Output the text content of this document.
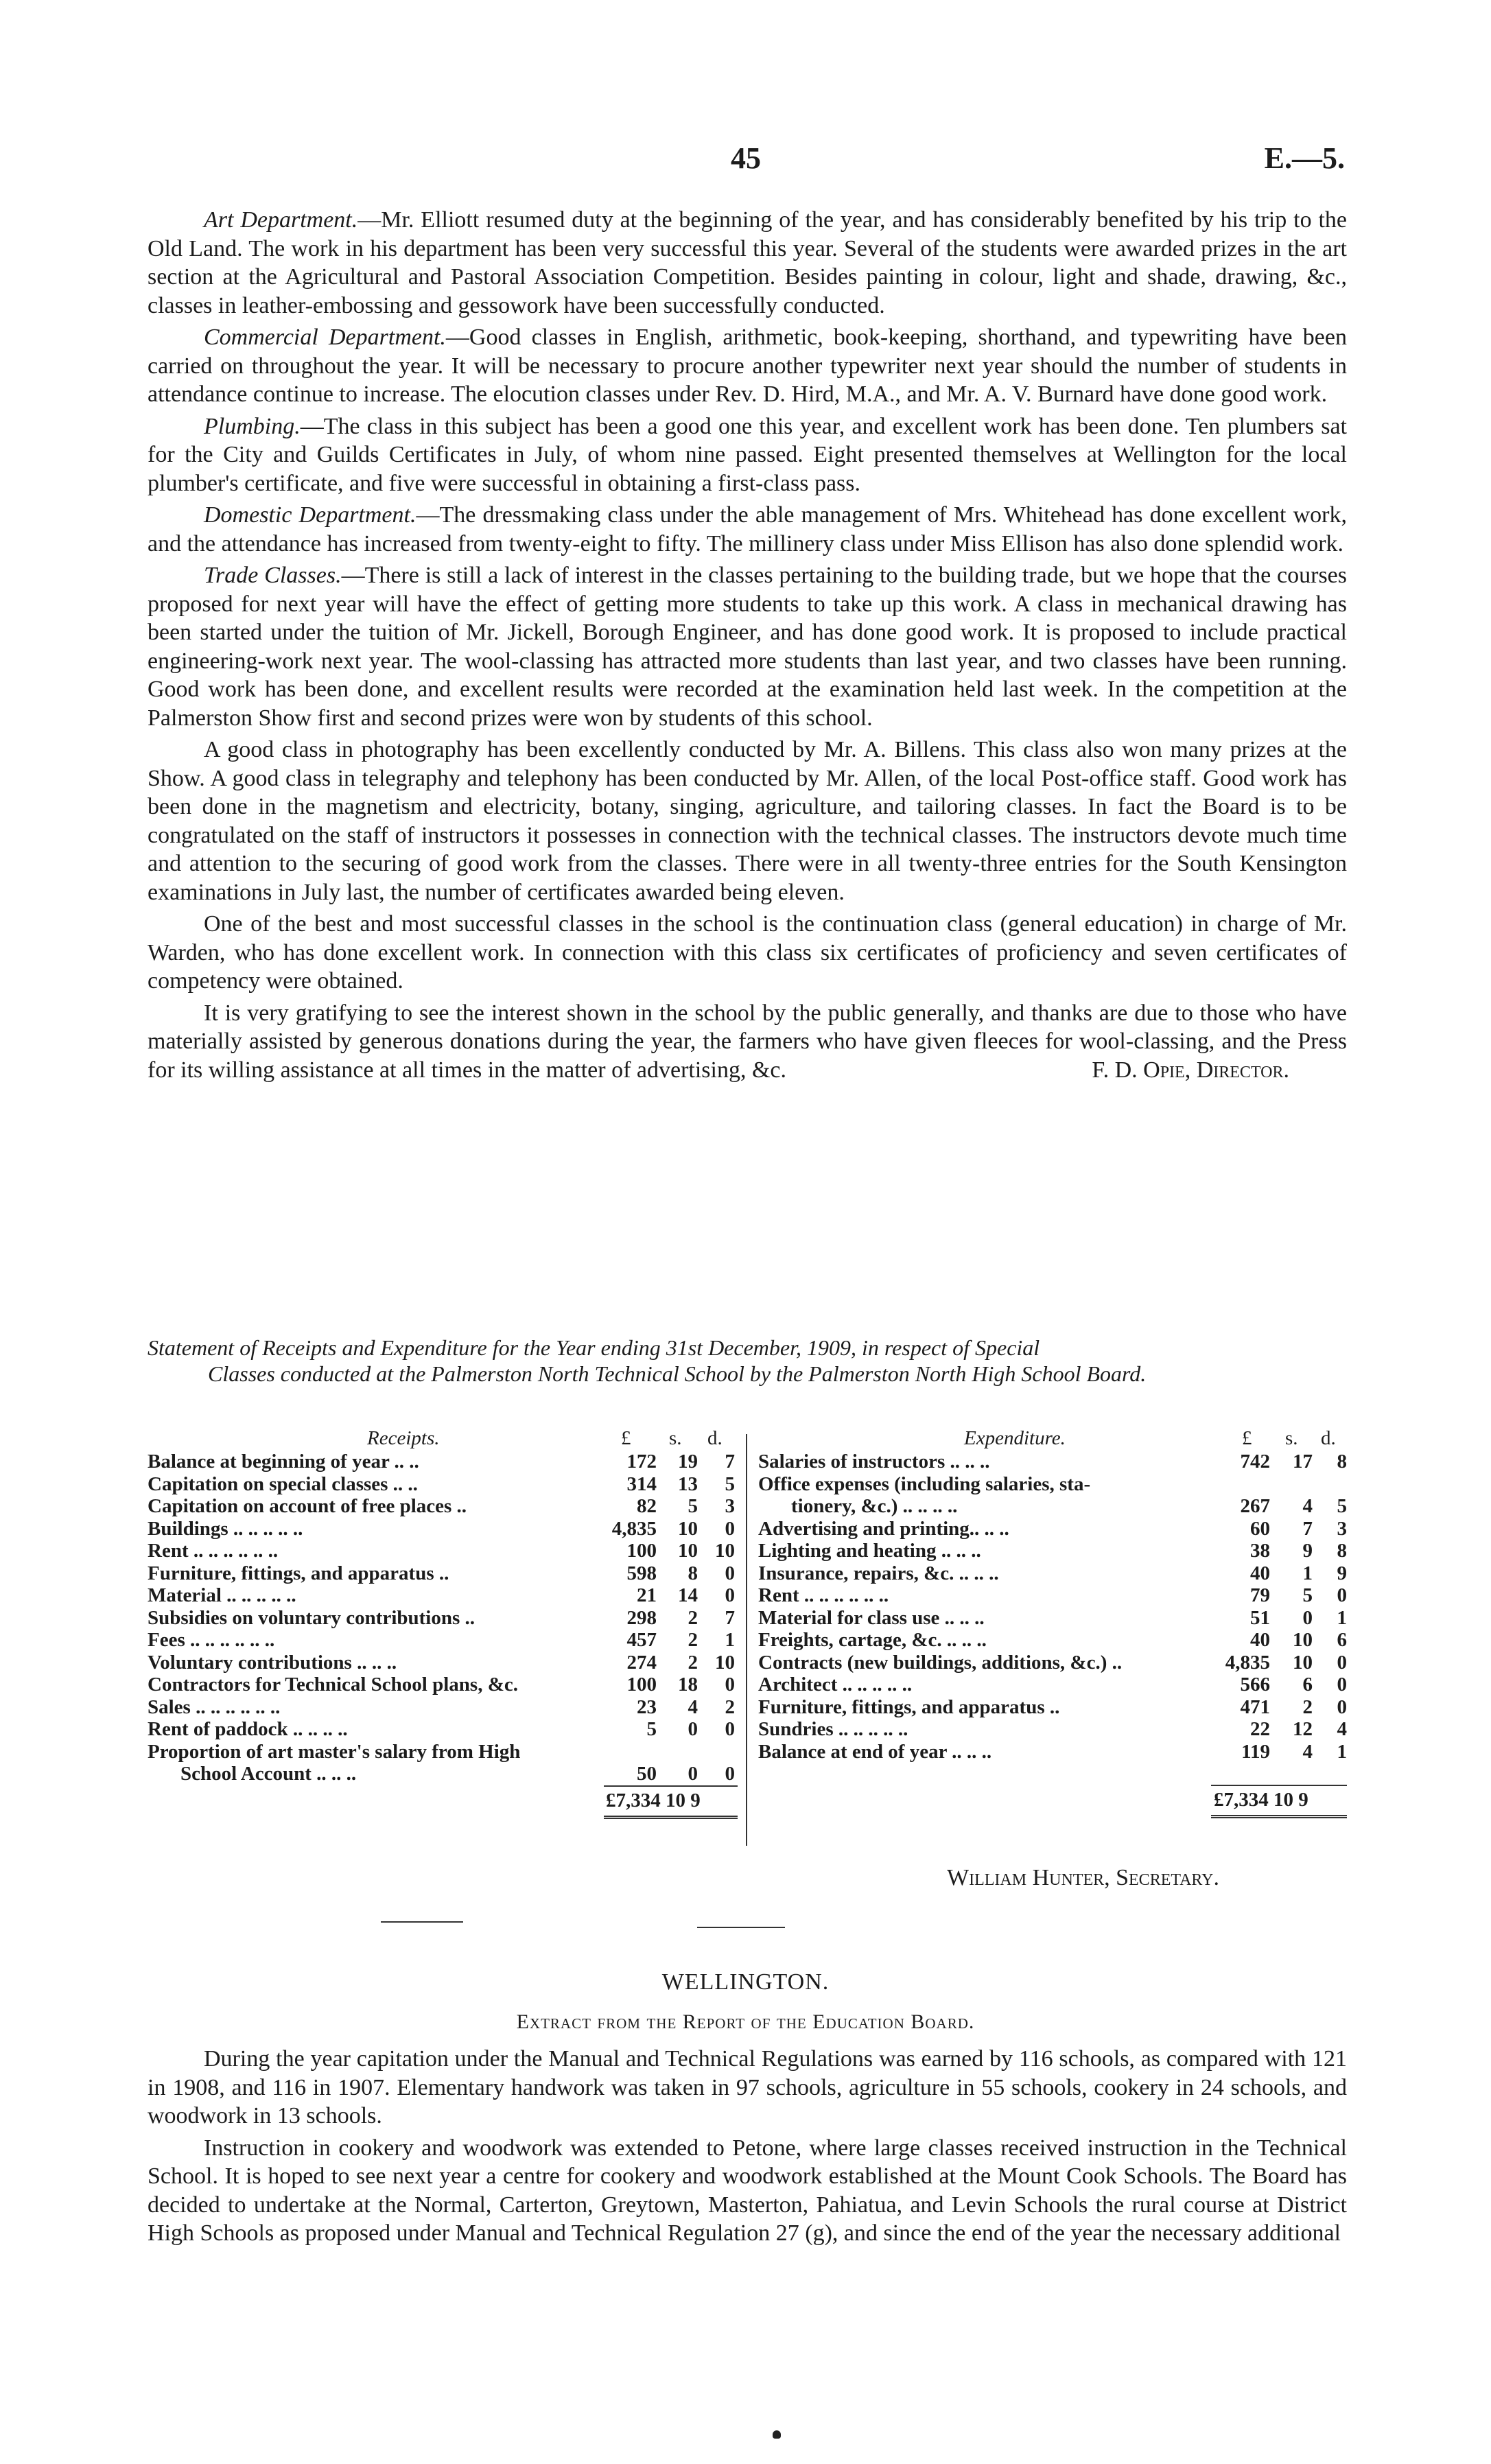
45	E.—5.

Art Department.—Mr. Elliott resumed duty at the beginning of the year, and has considerably benefited by his trip to the Old Land. The work in his department has been very successful this year. Several of the students were awarded prizes in the art section at the Agricultural and Pastoral Association Competition. Besides painting in colour, light and shade, drawing, &c., classes in leather-embossing and gessowork have been successfully conducted.

Commercial Department.—Good classes in English, arithmetic, book-keeping, shorthand, and typewriting have been carried on throughout the year. It will be necessary to procure another typewriter next year should the number of students in attendance continue to increase. The elocution classes under Rev. D. Hird, M.A., and Mr. A. V. Burnard have done good work.

Plumbing.—The class in this subject has been a good one this year, and excellent work has been done. Ten plumbers sat for the City and Guilds Certificates in July, of whom nine passed. Eight presented themselves at Wellington for the local plumber's certificate, and five were successful in obtaining a first-class pass.

Domestic Department.—The dressmaking class under the able management of Mrs. Whitehead has done excellent work, and the attendance has increased from twenty-eight to fifty. The millinery class under Miss Ellison has also done splendid work.

Trade Classes.—There is still a lack of interest in the classes pertaining to the building trade, but we hope that the courses proposed for next year will have the effect of getting more students to take up this work. A class in mechanical drawing has been started under the tuition of Mr. Jickell, Borough Engineer, and has done good work. It is proposed to include practical engineering-work next year. The wool-classing has attracted more students than last year, and two classes have been running. Good work has been done, and excellent results were recorded at the examination held last week. In the competition at the Palmerston Show first and second prizes were won by students of this school.

A good class in photography has been excellently conducted by Mr. A. Billens. This class also won many prizes at the Show. A good class in telegraphy and telephony has been conducted by Mr. Allen, of the local Post-office staff. Good work has been done in the magnetism and electricity, botany, singing, agriculture, and tailoring classes. In fact the Board is to be congratulated on the staff of instructors it possesses in connection with the technical classes. The instructors devote much time and attention to the securing of good work from the classes. There were in all twenty-three entries for the South Kensington examinations in July last, the number of certificates awarded being eleven.

One of the best and most successful classes in the school is the continuation class (general education) in charge of Mr. Warden, who has done excellent work. In connection with this class six certificates of proficiency and seven certificates of competency were obtained.

It is very gratifying to see the interest shown in the school by the public generally, and thanks are due to those who have materially assisted by generous donations during the year, the farmers who have given fleeces for wool-classing, and the Press for its willing assistance at all times in the matter of advertising, &c.	F. D. Opie, Director.
Statement of Receipts and Expenditure for the Year ending 31st December, 1909, in respect of Special
Classes conducted at the Palmerston North Technical School by the Palmerston North High School Board.
Receipts.	£ s. d.
Balance at beginning of year .. ..	172 19 7
Capitation on special classes .. ..	314 13 5
Capitation on account of free places ..	82 5 3
Buildings .. .. .. .. ..	4,835 10 0
Rent .. .. .. .. .. ..	100 10 10
Furniture, fittings, and apparatus ..	598 8 0
Material .. .. .. .. ..	21 14 0
Subsidies on voluntary contributions ..	298 2 7
Fees .. .. .. .. .. ..	457 2 1
Voluntary contributions .. .. ..	274 2 10
Contractors for Technical School plans, &c.	100 18 0
Sales .. .. .. .. .. ..	23 4 2
Rent of paddock .. .. .. ..	5 0 0
Proportion of art master's salary from High
School Account .. .. ..	50 0 0
£7,334 10 9
Expenditure.	£ s. d.
Salaries of instructors .. .. ..	742 17 8
Office expenses (including salaries, sta-
tionery, &c.) .. .. .. ..	267 4 5
Advertising and printing.. .. ..	60 7 3
Lighting and heating .. .. ..	38 9 8
Insurance, repairs, &c. .. .. ..	40 1 9
Rent .. .. .. .. .. ..	79 5 0
Material for class use .. .. ..	51 0 1
Freights, cartage, &c. .. .. ..	40 10 6
Contracts (new buildings, additions, &c.) ..	4,835 10 0
Architect .. .. .. .. ..	566 6 0
Furniture, fittings, and apparatus ..	471 2 0
Sundries .. .. .. .. ..	22 12 4
Balance at end of year .. .. ..	119 4 1
£7,334 10 9
William Hunter, Secretary.
WELLINGTON.
Extract from the Report of the Education Board.

During the year capitation under the Manual and Technical Regulations was earned by 116 schools, as compared with 121 in 1908, and 116 in 1907. Elementary handwork was taken in 97 schools, agriculture in 55 schools, cookery in 24 schools, and woodwork in 13 schools.

Instruction in cookery and woodwork was extended to Petone, where large classes received instruction in the Technical School. It is hoped to see next year a centre for cookery and woodwork established at the Mount Cook Schools. The Board has decided to undertake at the Normal, Carterton, Greytown, Masterton, Pahiatua, and Levin Schools the rural course at District High Schools as proposed under Manual and Technical Regulation 27 (g), and since the end of the year the necessary additional
